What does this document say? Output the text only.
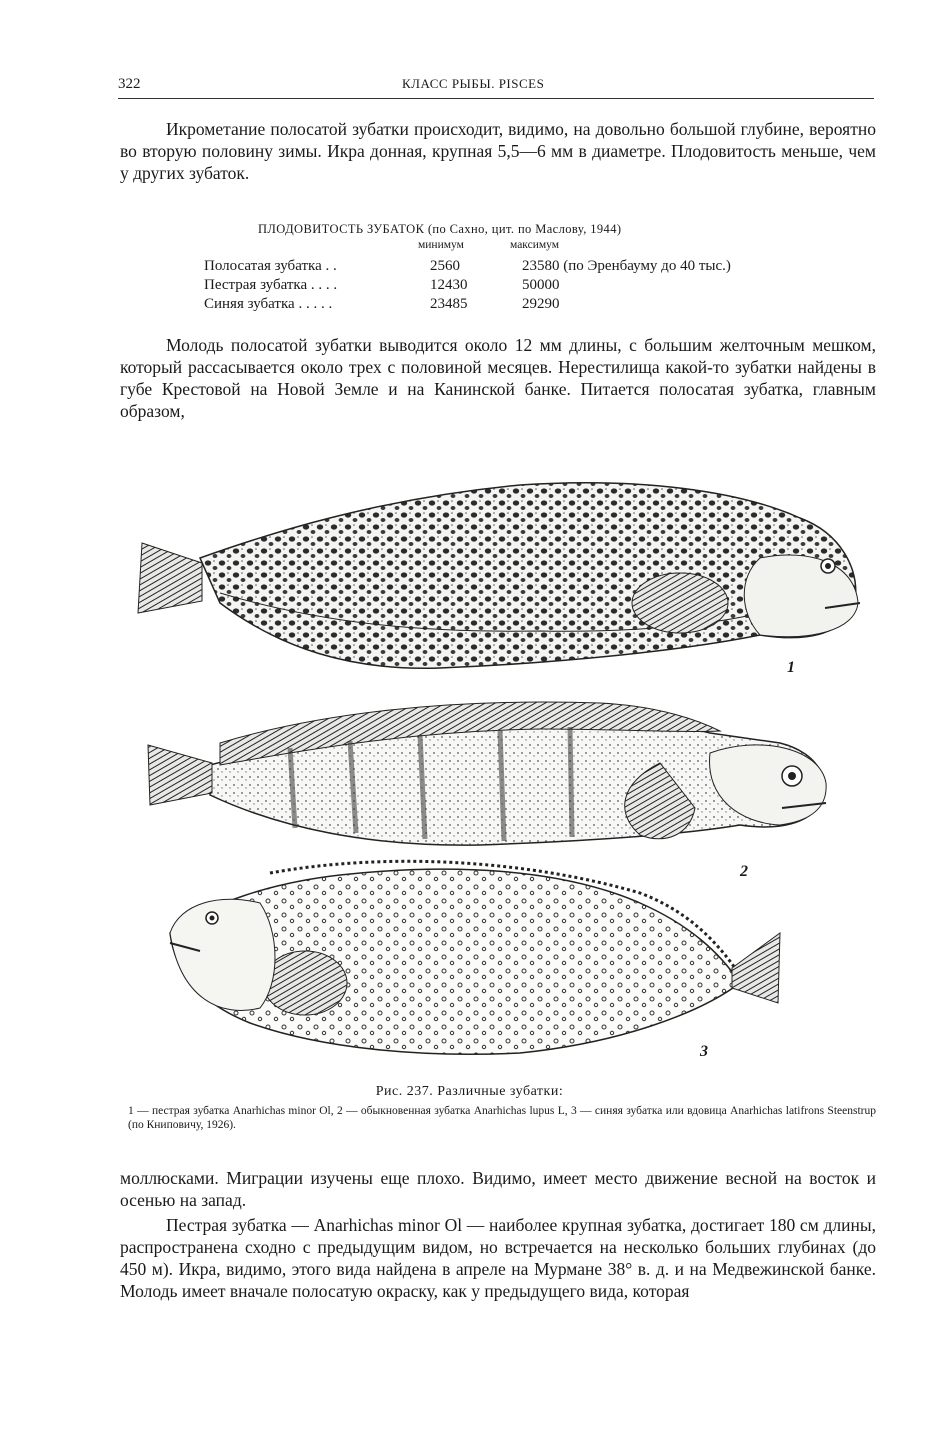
322	КЛАСС РЫБЫ. PISCES

Икрометание полосатой зубатки происходит, видимо, на довольно большой глубине, вероятно во вторую половину зимы. Икра донная, крупная 5,5—6 мм в диаметре. Плодовитость меньше, чем у других зубаток.

ПЛОДОВИТОСТЬ ЗУБАТОК (по Сахно, цит. по Маслову, 1944)
минимум	максимум
Полосатая зубатка . .	2560	23580 (по Эренбауму до 40 тыс.)
Пестрая зубатка . . . .	12430	50000
Синяя зубатка . . . . .	23485	29290

Молодь полосатой зубатки выводится около 12 мм длины, с большим желточным мешком, который рассасывается около трех с половиной месяцев. Нерестилища какой-то зубатки найдены в губе Крестовой на Новой Земле и на Канинской банке. Питается полосатая зубатка, главным образом,

1
2
3
Рис. 237. Различные зубатки:
1 — пестрая зубатка Anarhichas minor Ol, 2 — обыкновенная зубатка Anarhichas lupus L, 3 — синяя зубатка или вдовица Anarhichas latifrons Steenstrup (по Книповичу, 1926).

моллюсками. Миграции изучены еще плохо. Видимо, имеет место движение весной на восток и осенью на запад.

Пестрая зубатка — Anarhichas minor Ol — наиболее крупная зубатка, достигает 180 см длины, распространена сходно с предыдущим видом, но встречается на несколько больших глубинах (до 450 м). Икра, видимо, этого вида найдена в апреле на Мурмане 38° в. д. и на Медвежинской банке. Молодь имеет вначале полосатую окраску, как у предыдущего вида, которая
